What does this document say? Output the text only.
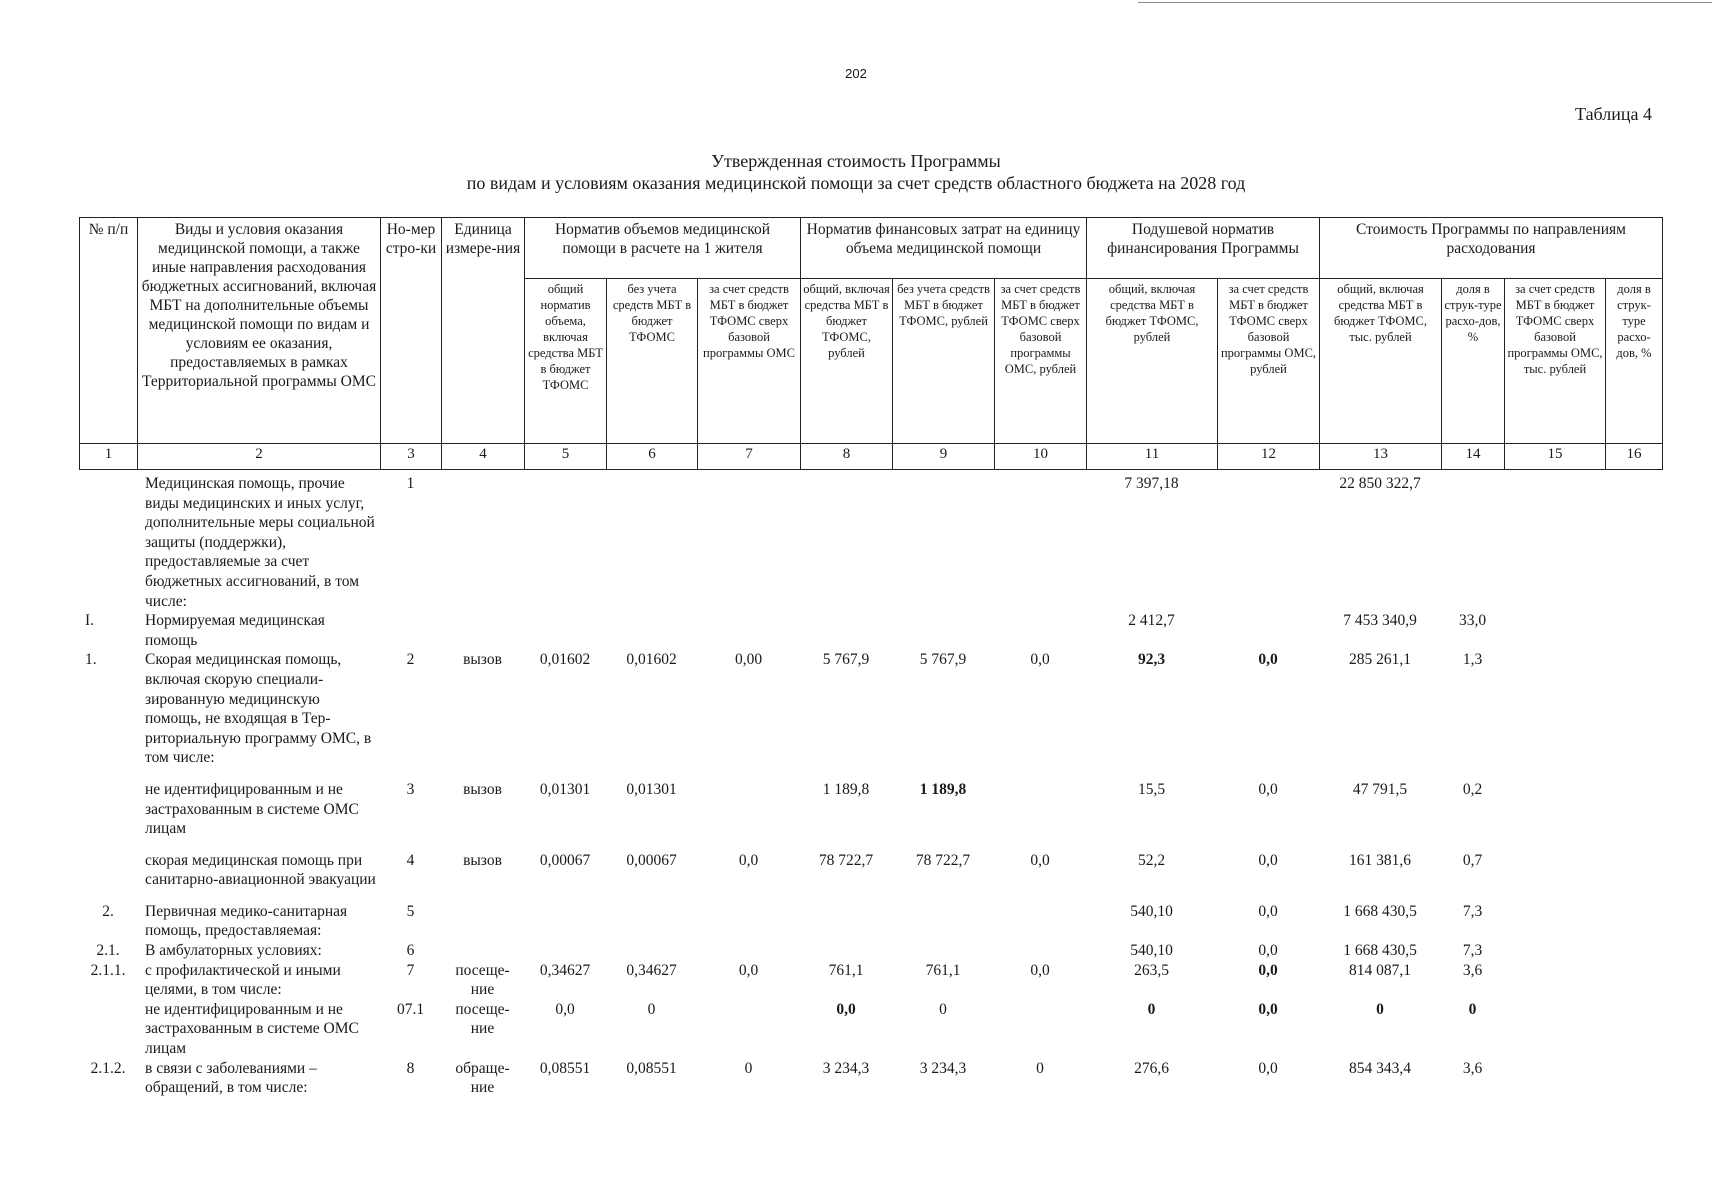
202
Таблица 4
Утвержденная стоимость Программы
по видам и условиям оказания медицинской помощи за счет средств областного бюджета на 2028 год
№ п/п	Виды и условия оказания медицинской помощи, а также иные направления расходования бюджетных ассигнований, включая МБТ на дополнительные объемы медицинской помощи по видам и условиям ее оказания, предоставляемых в рамках Территориальной программы ОМС	Но-мер стро-ки	Единица измере-ния	Норматив объемов медицинской помощи в расчете на 1 жителя			Норматив финансовых затрат на единицу объема медицинской помощи			Подушевой норматив финансирования Программы		Стоимость Программы по направлениям расходования			
				общий норматив объема, включая средства МБТ в бюджет ТФОМС	без учета средств МБТ в бюджет ТФОМС	за счет средств МБТ в бюджет ТФОМС сверх базовой программы ОМС	общий, включая средства МБТ в бюджет ТФОМС, рублей	без учета средств МБТ в бюджет ТФОМС, рублей	за счет средств МБТ в бюджет ТФОМС сверх базовой программы ОМС, рублей	общий, включая средства МБТ в бюджет ТФОМС, рублей	за счет средств МБТ в бюджет ТФОМС сверх базовой программы ОМС, рублей	общий, включая средства МБТ в бюджет ТФОМС, тыс. рублей	доля в струк-туре расхо-дов, %	за счет средств МБТ в бюджет ТФОМС сверх базовой программы ОМС, тыс. рублей	доля в струк-туре расхо-дов, %
1	2	3	4	5	6	7	8	9	10	11	12	13	14	15	16
	Медицинская помощь, прочие виды медицинских и иных услуг, дополнительные меры социальной защиты (поддержки), предоставляемые за счет бюджетных ассигнований, в том числе:	1								7 397,18		22 850 322,7			
I.	Нормируемая медицинская помощь									2 412,7		7 453 340,9	33,0		
1.	Скорая медицинская помощь, включая скорую специали-зированную медицинскую помощь, не входящая в Тер-риториальную программу ОМС, в том числе:	2	вызов	0,01602	0,01602	0,00	5 767,9	5 767,9	0,0	92,3	0,0	285 261,1	1,3		

	не идентифицированным и не застрахованным в системе ОМС лицам	3	вызов	0,01301	0,01301		1 189,8	1 189,8		15,5	0,0	47 791,5	0,2		

	скорая медицинская помощь при санитарно-авиационной эвакуации	4	вызов	0,00067	0,00067	0,0	78 722,7	78 722,7	0,0	52,2	0,0	161 381,6	0,7		

2.	Первичная медико-санитарная помощь, предоставляемая:	5								540,10	0,0	1 668 430,5	7,3		
2.1.	В амбулаторных условиях:	6								540,10	0,0	1 668 430,5	7,3		
2.1.1.	с профилактической и иными целями, в том числе:	7	посеще-ние	0,34627	0,34627	0,0	761,1	761,1	0,0	263,5	0,0	814 087,1	3,6		
	не идентифицированным и не застрахованным в системе ОМС лицам	07.1	посеще-ние	0,0	0		0,0	0		0	0,0	0	0		
2.1.2.	в связи с заболеваниями – обращений, в том числе:	8	обраще-ние	0,08551	0,08551	0	3 234,3	3 234,3	0	276,6	0,0	854 343,4	3,6		
